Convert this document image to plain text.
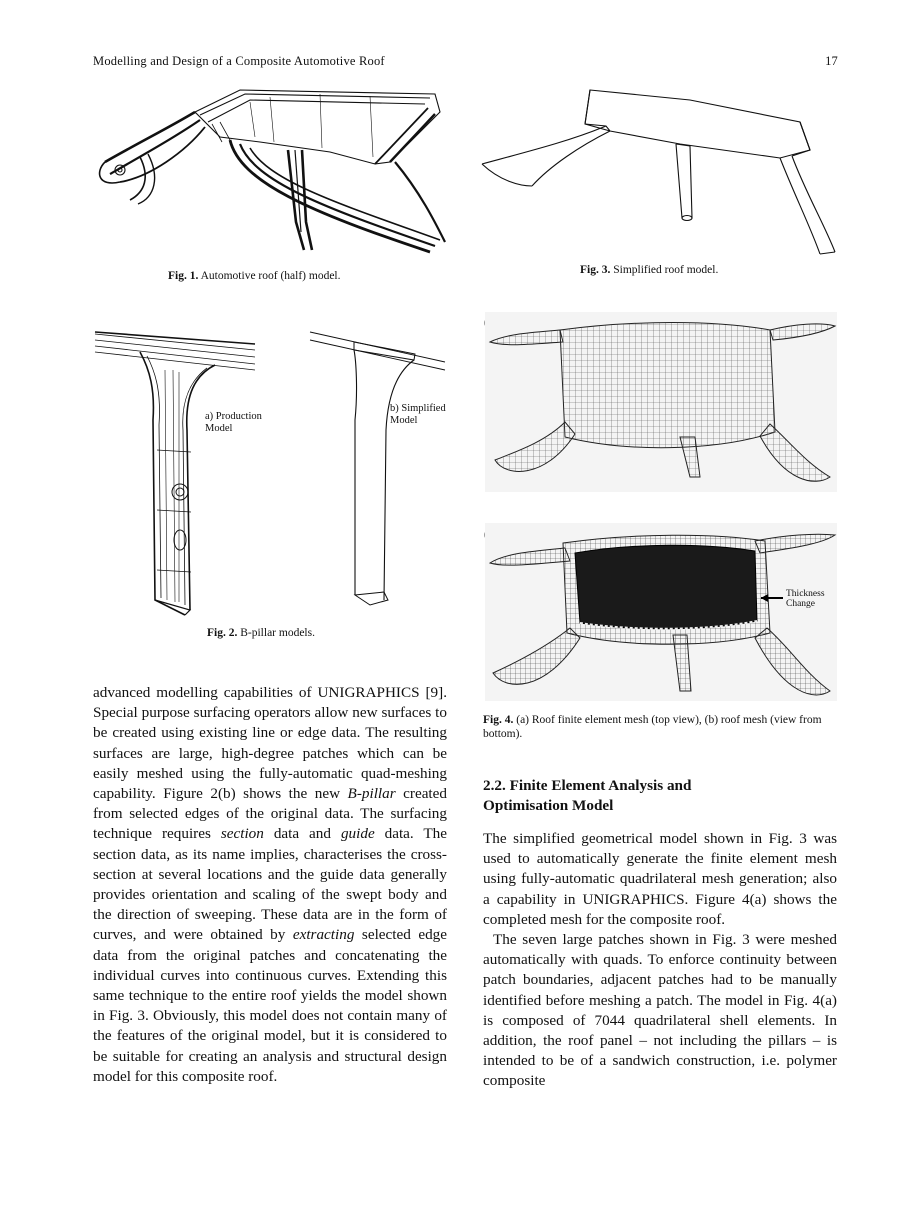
Modelling and Design of a Composite Automotive Roof	17
Fig. 1. Automotive roof (half) model.	Fig. 3. Simplified roof model.
a) Production
Model
b) Simplified
Model
Fig. 2. B-pillar models.
Thickness
Change
Fig. 4. (a) Roof finite element mesh (top view), (b) roof mesh (view from bottom).

advanced modelling capabilities of UNIGRAPHICS [9]. Special purpose surfacing operators allow new surfaces to be created using existing line or edge data. The resulting surfaces are large, high-degree patches which can be easily meshed using the fully-automatic quad-meshing capability. Figure 2(b) shows the new B-pillar created from selected edges of the original data. The surfacing technique requires section data and guide data. The section data, as its name implies, characterises the cross-section at several locations and the guide data generally provides orientation and scaling of the swept body and the direction of sweeping. These data are in the form of curves, and were obtained by extracting selected edge data from the original patches and concatenating the individual curves into continuous curves. Extending this same technique to the entire roof yields the model shown in Fig. 3. Obviously, this model does not contain many of the features of the original model, but it is considered to be suitable for creating an analysis and structural design model for this composite roof.

2.2. Finite Element Analysis and
Optimisation Model

The simplified geometrical model shown in Fig. 3 was used to automatically generate the finite element mesh using fully-automatic quadrilateral mesh generation; also a capability in UNIGRAPHICS. Figure 4(a) shows the completed mesh for the composite roof.

The seven large patches shown in Fig. 3 were meshed automatically with quads. To enforce continuity between patch boundaries, adjacent patches had to be manually identified before meshing a patch. The model in Fig. 4(a) is composed of 7044 quadrilateral shell elements. In addition, the roof panel – not including the pillars – is intended to be of a sandwich construction, i.e. polymer composite
